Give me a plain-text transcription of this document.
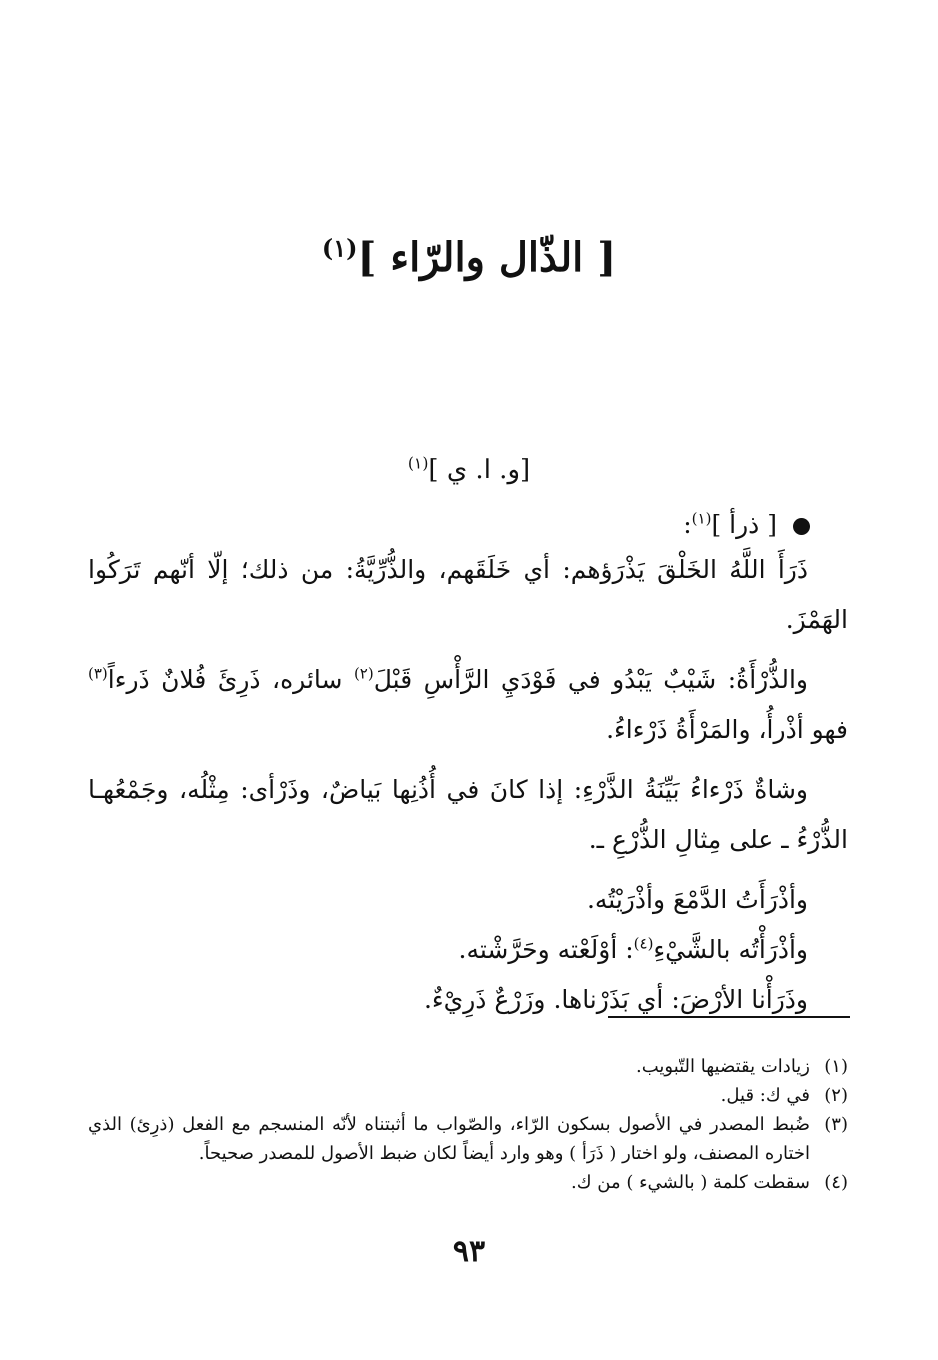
[ الذّال والرّاء ]$^{(١)}$
[و. ا. ي ]$^{(١)}$
[ ذرأ ]$^{(١)}$:

ذَرَأَ اللَّهُ الخَلْقَ يَذْرَؤهم: أي خَلَقَهم، والذُّرِّيَّةُ: من ذلك؛ إلّا أنّهم تَرَكُوا الهَمْزَ.

والذُّرْأَةُ: شَيْبٌ يَبْدُو في فَوْدَيِ الرَّأْسِ قَبْلَ$^{(٢)}$ سائره، ذَرِئَ فُلانٌ ذَرءاً$^{(٣)}$ فهو أذْرأُ، والمَرْأَةُ ذَرْءاءُ.

وشاةٌ ذَرْءاءُ بَيِّنَةُ الذَّرْءِ: إذا كانَ في أُذُنِها بَياضٌ، وذَرْأى: مِثْلُه، وجَمْعُهـا الذُّرْءُ ـ على مِثالِ الذُّرْعِ ـ.

وأذْرَأَتُ الدَّمْعَ وأذْرَيْتُه.

وأذْرَأْتُه بالشَّيْءِ$^{(٤)}$: أوْلَعْته وحَرَّشْته.

وذَرَأْنا الأرْضَ: أي بَذَرْناها. وزَرْعٌ ذَرِيْءٌ.

(١)
زيادات يقتضيها التّبويب.
(٢)
في ك: قيل.
(٣)
ضُبط المصدر في الأصول بسكون الرّاء، والصّواب ما أثبتناه لأنّه المنسجم مع الفعل (ذرِئ) الذي اختاره المصنف، ولو اختار ( ذَرَأ ) وهو وارد أيضاً لكان ضبط الأصول للمصدر صحيحاً.
(٤)
سقطت كلمة ( بالشيء ) من ك.
٩٣
